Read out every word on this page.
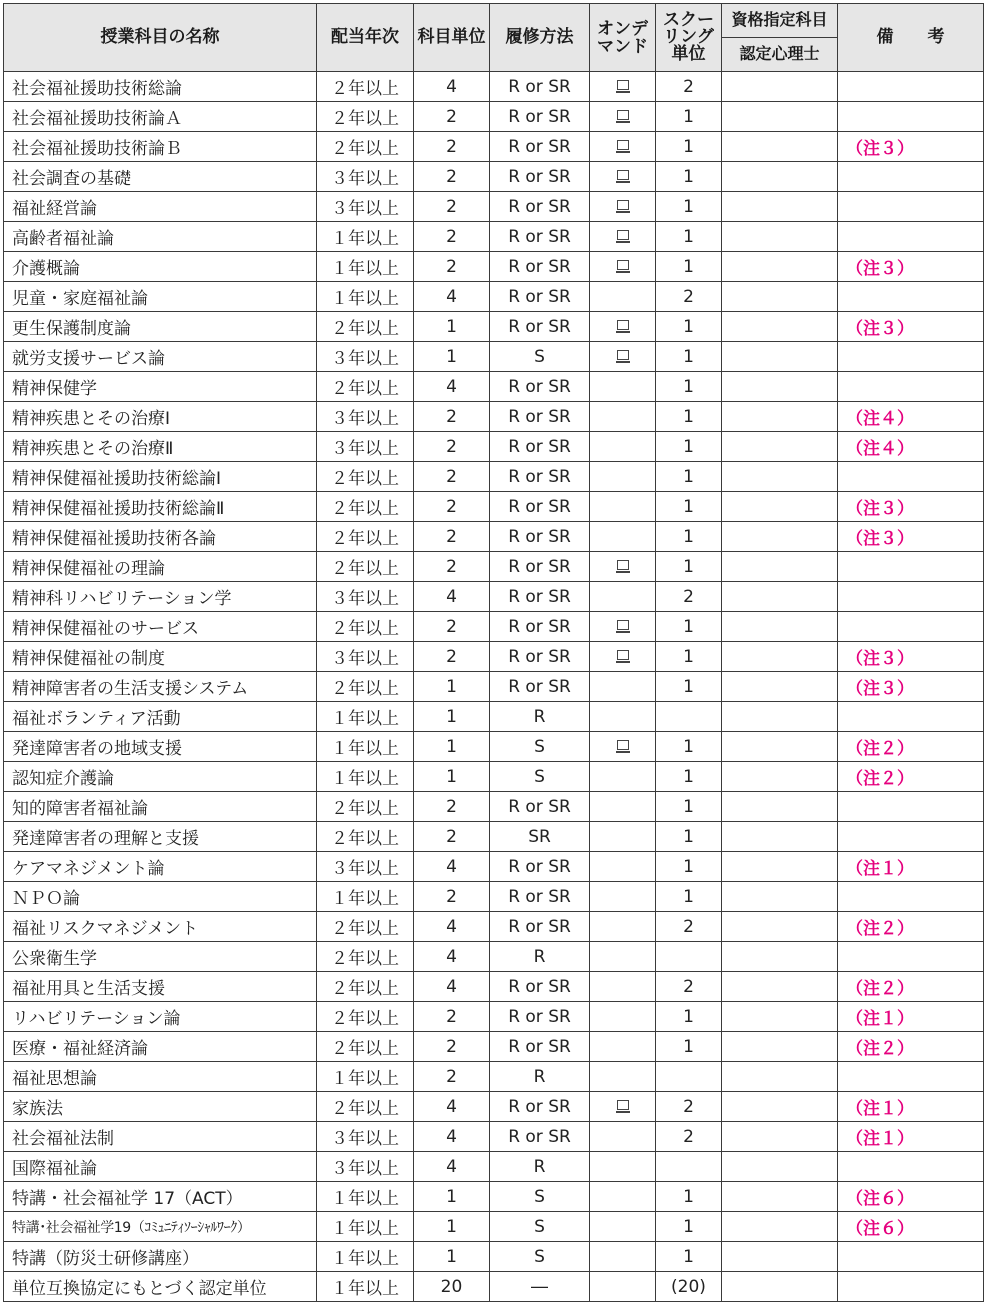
授業科目の名称	配当年次	科目単位	履修方法	オンデマンド	スクーリング単位	資格指定科目	備　　考
						認定心理士	
社会福祉援助技術総論	２年以上	4	R or SR		2		
社会福祉援助技術論Ａ	２年以上	2	R or SR		1		
社会福祉援助技術論Ｂ	２年以上	2	R or SR		1		（注３）
社会調査の基礎	３年以上	2	R or SR		1		
福祉経営論	３年以上	2	R or SR		1		
高齢者福祉論	１年以上	2	R or SR		1		
介護概論	１年以上	2	R or SR		1		（注３）
児童・家庭福祉論	１年以上	4	R or SR		2		
更生保護制度論	２年以上	1	R or SR		1		（注３）
就労支援サービス論	３年以上	1	S		1		
精神保健学	２年以上	4	R or SR		1		
精神疾患とその治療Ⅰ	３年以上	2	R or SR		1		（注４）
精神疾患とその治療Ⅱ	３年以上	2	R or SR		1		（注４）
精神保健福祉援助技術総論Ⅰ	２年以上	2	R or SR		1		
精神保健福祉援助技術総論Ⅱ	２年以上	2	R or SR		1		（注３）
精神保健福祉援助技術各論	２年以上	2	R or SR		1		（注３）
精神保健福祉の理論	２年以上	2	R or SR		1		
精神科リハビリテーション学	３年以上	4	R or SR		2		
精神保健福祉のサービス	２年以上	2	R or SR		1		
精神保健福祉の制度	３年以上	2	R or SR		1		（注３）
精神障害者の生活支援システム	２年以上	1	R or SR		1		（注３）
福祉ボランティア活動	１年以上	1	R				
発達障害者の地域支援	１年以上	1	S		1		（注２）
認知症介護論	１年以上	1	S		1		（注２）
知的障害者福祉論	２年以上	2	R or SR		1		
発達障害者の理解と支援	２年以上	2	SR		1		
ケアマネジメント論	３年以上	4	R or SR		1		（注１）
ＮＰＯ論	１年以上	2	R or SR		1		
福祉リスクマネジメント	２年以上	4	R or SR		2		（注２）
公衆衛生学	２年以上	4	R				
福祉用具と生活支援	２年以上	4	R or SR		2		（注２）
リハビリテーション論	２年以上	2	R or SR		1		（注１）
医療・福祉経済論	２年以上	2	R or SR		1		（注２）
福祉思想論	１年以上	2	R				
家族法	２年以上	4	R or SR		2		（注１）
社会福祉法制	３年以上	4	R or SR		2		（注１）
国際福祉論	３年以上	4	R				
特講・社会福祉学 17（ACT）	１年以上	1	S		1		（注６）
特講･社会福祉学19（ｺﾐｭﾆﾃｨｿｰｼｬﾙﾜｰｸ）	１年以上	1	S		1		（注６）
特講（防災士研修講座）	１年以上	1	S		1		
単位互換協定にもとづく認定単位	１年以上	20	―		(20)		
